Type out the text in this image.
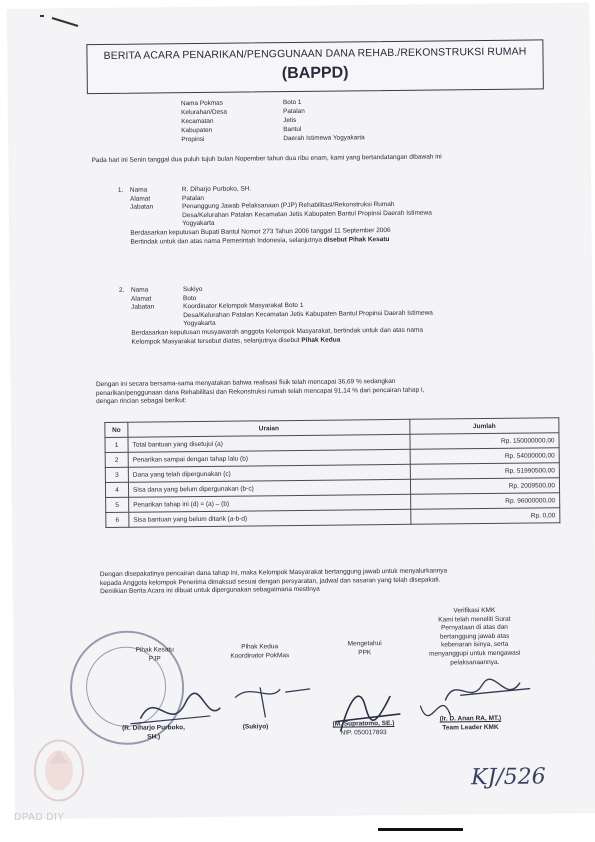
BERITA ACARA PENARIKAN/PENGGUNAAN DANA REHAB./REKONSTRUKSI RUMAH
(BAPPD)
Nama Pokmas	Boto 1
Kelurahan/Desa	Patalan
Kecamatan	Jetis
Kabupaten	Bantul
Propinsi	Daerah Istimewa Yogyakarta
Pada hari ini Senin tanggal dua puluh tujuh bulan Nopember tahun dua ribu enam, kami yang bertandatangan dibawah ini
1.	Nama	R. Diharjo Purboko, SH.
Alamat	Patalan
Jabatan	Penanggung Jawab Pelaksanaan (PJP) Rehabilitasi/Rekonstruksi Rumah
Desa/Kelurahan Patalan Kecamatan Jetis Kabupaten Bantul Propinsi Daerah Istimewa
Yogyakarta
Berdasarkan keputusan Bupati Bantul Nomor 273 Tahun 2006 tanggal 11 September 2006
Bertindak untuk dan atas nama Pemerintah Indonesia, selanjutnya disebut Pihak Kesatu
2.	Nama	Sukiyo
Alamat	Boto
Jabatan	Koordinator Kelompok Masyarakat Boto 1
Desa/Kelurahan Patalan Kecamatan Jetis Kabupaten Bantul Propinsi Daerah Istimewa
Yogyakarta
Berdasarkan keputusan musyawarah anggota Kelompok Masyarakat, bertindak untuk dan atas nama
Kelompok Masyarakat tersebut diatas, selanjutnya disebut Pihak Kedua
Dengan ini secara bersama-sama menyatakan bahwa realisasi fisik telah mencapai 36,69 % sedangkan
penarikan/penggunaan dana Rehabilitasi dan Rekonstruksi rumah telah mencapai 91,14 % dari pencairan tahap I,
dengan rincian sebagai berikut:
No	Uraian	Jumlah
1	Total bantuan yang disetujui (a)	Rp. 150000000,00
2	Penarikan sampai dengan tahap lalu (b)	Rp. 54000000,00
3	Dana yang telah dipergunakan (c)	Rp. 51990500,00
4	Sisa dana yang belum dipergunakan (b-c)	Rp. 2009500,00
5	Penarikan tahap ini (d) = (a) – (b)	Rp. 96000000,00
6	Sisa bantuan yang belum ditarik (a-b-d)	Rp. 0,00
Dengan disepakatinya pencairan dana tahap ini, maka Kelompok Masyarakat bertanggung jawab untuk menyalurkannya
kepada Anggota kelompok Penerima dimaksud sesuai dengan persyaratan, jadwal dan sasaran yang telah disepakati.
Demikian Berita Acara ini dibuat untuk dipergunakan sebagaimana mestinya
Verifikasi KMK
Kami telah meneliti Surat
Pernyataan di atas dan
bertanggung jawab atas
kebenaran isinya, serta
menyanggupi untuk mengawasi
pelaksanaannya.
Pihak Kesatu
PJP
Pihak Kedua
Koordinator PokMas
Mengetahui
PPK
(R. Diharjo Purboko,
SH.)
(Sukiyo)	(M. Supratomo, SE.)
NIP. 050017893
(Ir. D. Anan RA, MT.)
Team Leader KMK
KJ/526
DPAD DIY
